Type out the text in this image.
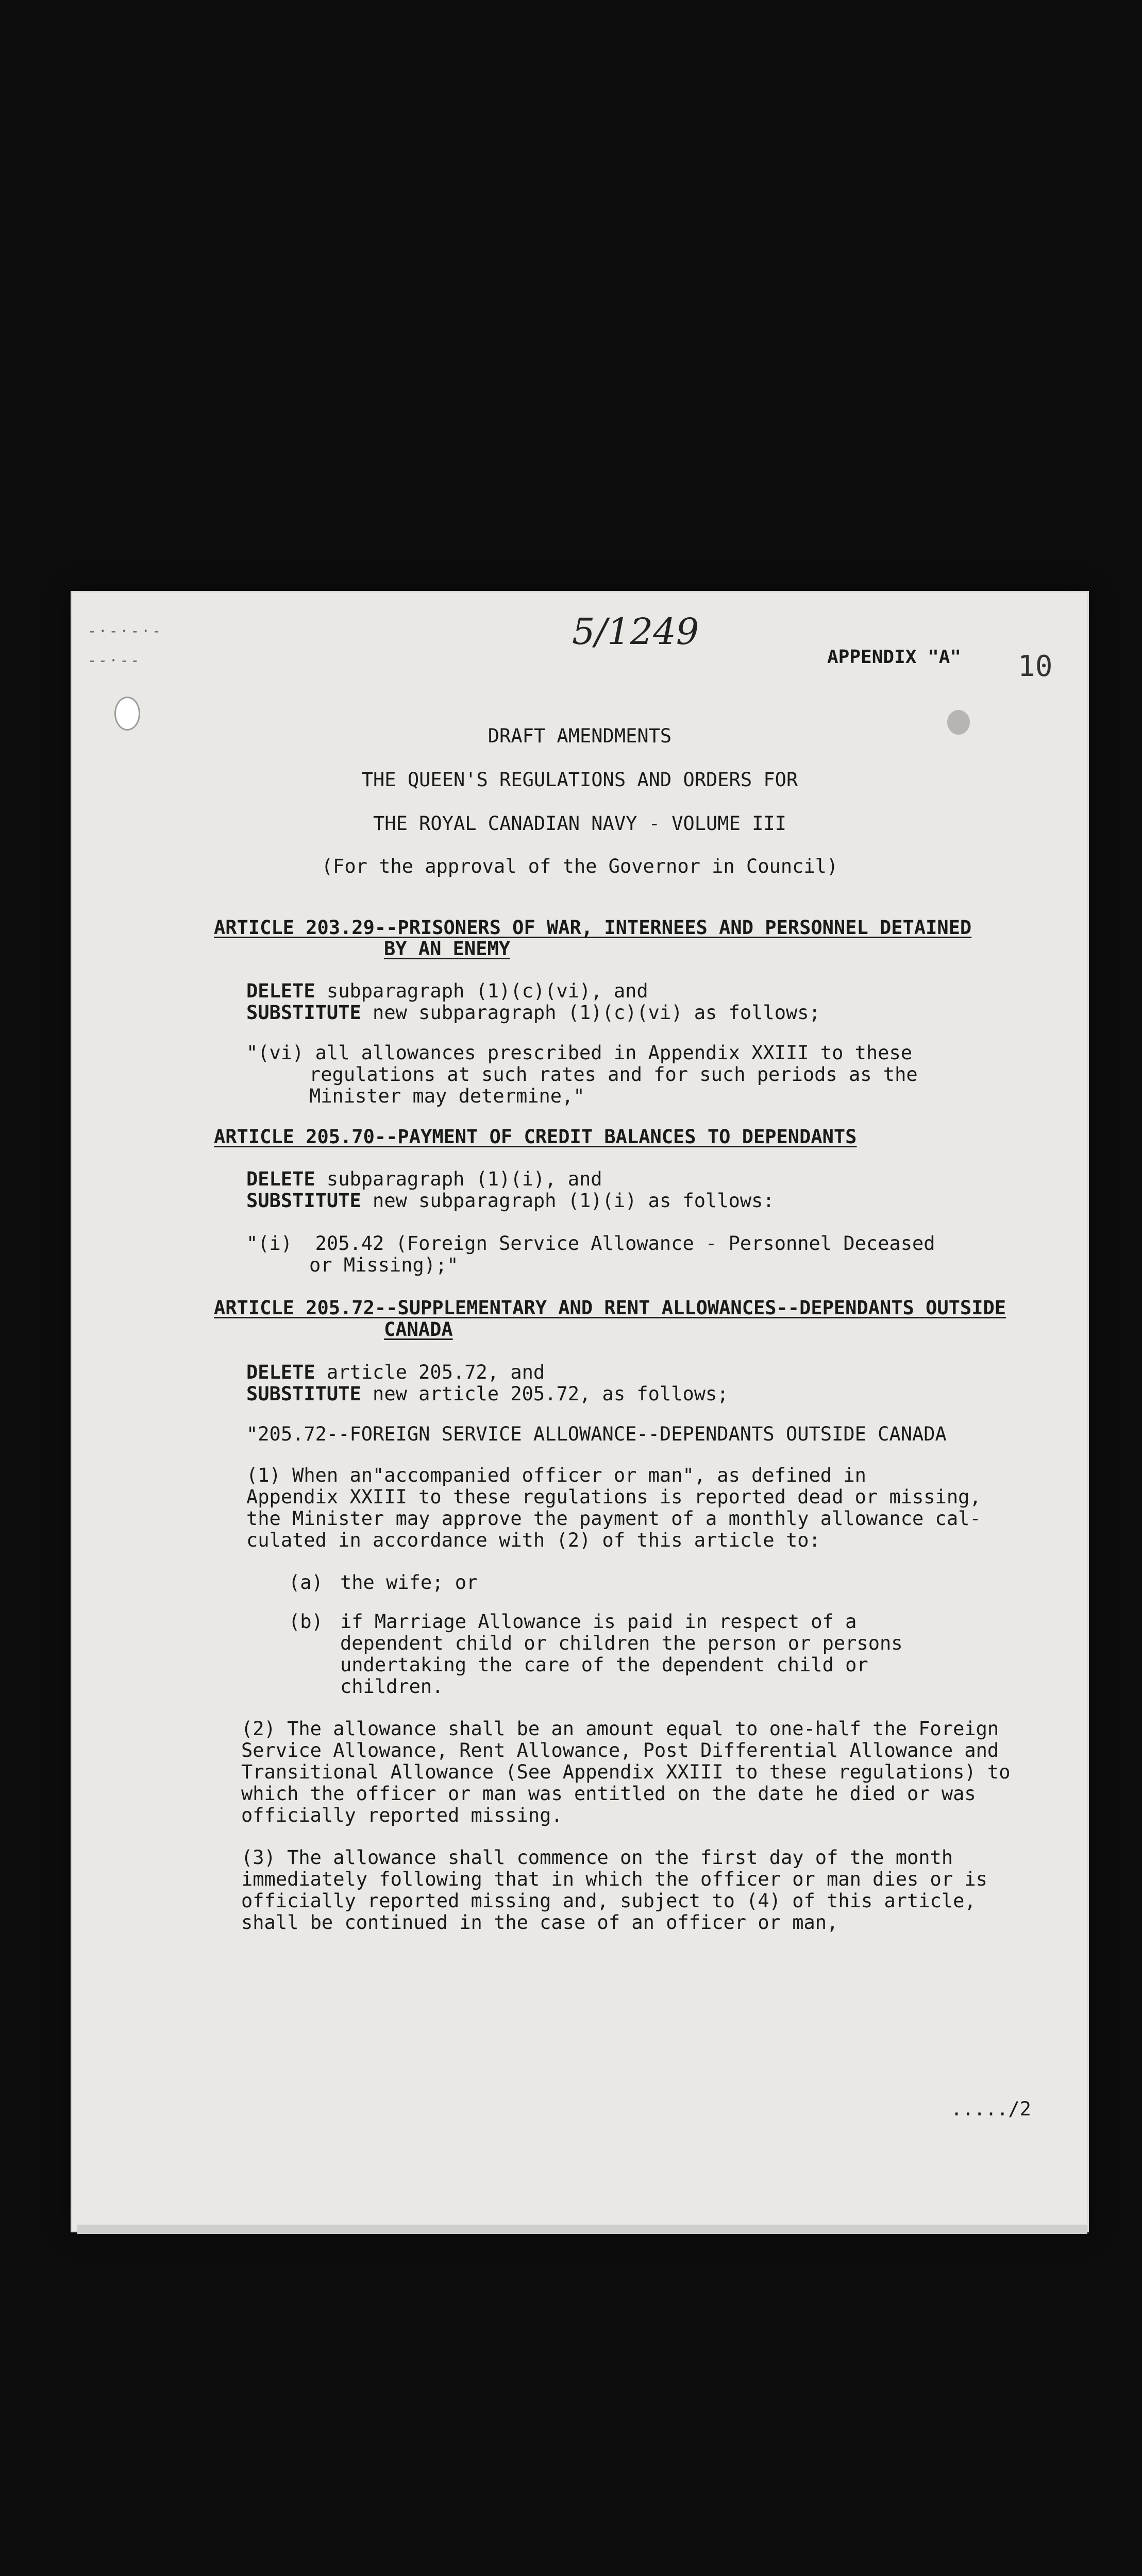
-·-·-·-
--·--
5/1249
APPENDIX "A" 10
DRAFT AMENDMENTS
THE QUEEN'S REGULATIONS AND ORDERS FOR
THE ROYAL CANADIAN NAVY - VOLUME III
(For the approval of the Governor in Council)
ARTICLE 203.29--PRISONERS OF WAR, INTERNEES AND PERSONNEL DETAINED
BY AN ENEMY
DELETE subparagraph (1)(c)(vi), and
SUBSTITUTE new subparagraph (1)(c)(vi) as follows;
"(vi) all allowances prescribed in Appendix XXIII to these
regulations at such rates and for such periods as the
Minister may determine,"
ARTICLE 205.70--PAYMENT OF CREDIT BALANCES TO DEPENDANTS
DELETE subparagraph (1)(i), and
SUBSTITUTE new subparagraph (1)(i) as follows:
"(i)  205.42 (Foreign Service Allowance - Personnel Deceased
or Missing);"
ARTICLE 205.72--SUPPLEMENTARY AND RENT ALLOWANCES--DEPENDANTS OUTSIDE
CANADA
DELETE article 205.72, and
SUBSTITUTE new article 205.72, as follows;
"205.72--FOREIGN SERVICE ALLOWANCE--DEPENDANTS OUTSIDE CANADA
(1) When an"accompanied officer or man", as defined in
Appendix XXIII to these regulations is reported dead or missing,
the Minister may approve the payment of a monthly allowance cal-
culated in accordance with (2) of this article to:
(a) the wife; or
(b) if Marriage Allowance is paid in respect of a
dependent child or children the person or persons
undertaking the care of the dependent child or
children.
(2) The allowance shall be an amount equal to one-half the Foreign
Service Allowance, Rent Allowance, Post Differential Allowance and
Transitional Allowance (See Appendix XXIII to these regulations) to
which the officer or man was entitled on the date he died or was
officially reported missing.
(3) The allowance shall commence on the first day of the month
immediately following that in which the officer or man dies or is
officially reported missing and, subject to (4) of this article,
shall be continued in the case of an officer or man,
...../2
